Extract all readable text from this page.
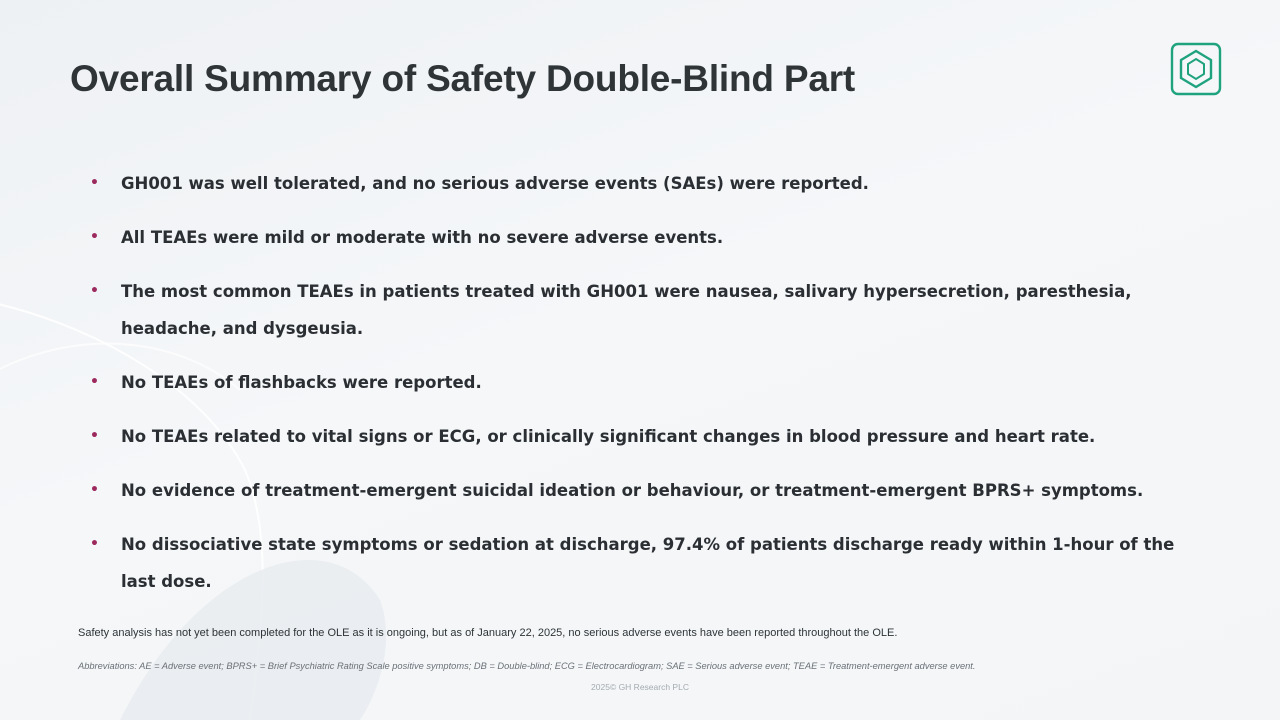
Overall Summary of Safety Double-Blind Part
• GH001 was well tolerated, and no serious adverse events (SAEs) were reported.
• All TEAEs were mild or moderate with no severe adverse events.
• The most common TEAEs in patients treated with GH001 were nausea, salivary hypersecretion, paresthesia, headache, and dysgeusia.
• No TEAEs of flashbacks were reported.
• No TEAEs related to vital signs or ECG, or clinically significant changes in blood pressure and heart rate.
• No evidence of treatment-emergent suicidal ideation or behaviour, or treatment-emergent BPRS+ symptoms.
• No dissociative state symptoms or sedation at discharge, 97.4% of patients discharge ready within 1-hour of the last dose.
Safety analysis has not yet been completed for the OLE as it is ongoing, but as of January 22, 2025, no serious adverse events have been reported throughout the OLE.
Abbreviations: AE = Adverse event; BPRS+ = Brief Psychiatric Rating Scale positive symptoms; DB = Double-blind; ECG = Electrocardiogram; SAE = Serious adverse event; TEAE = Treatment-emergent adverse event.
2025© GH Research PLC
